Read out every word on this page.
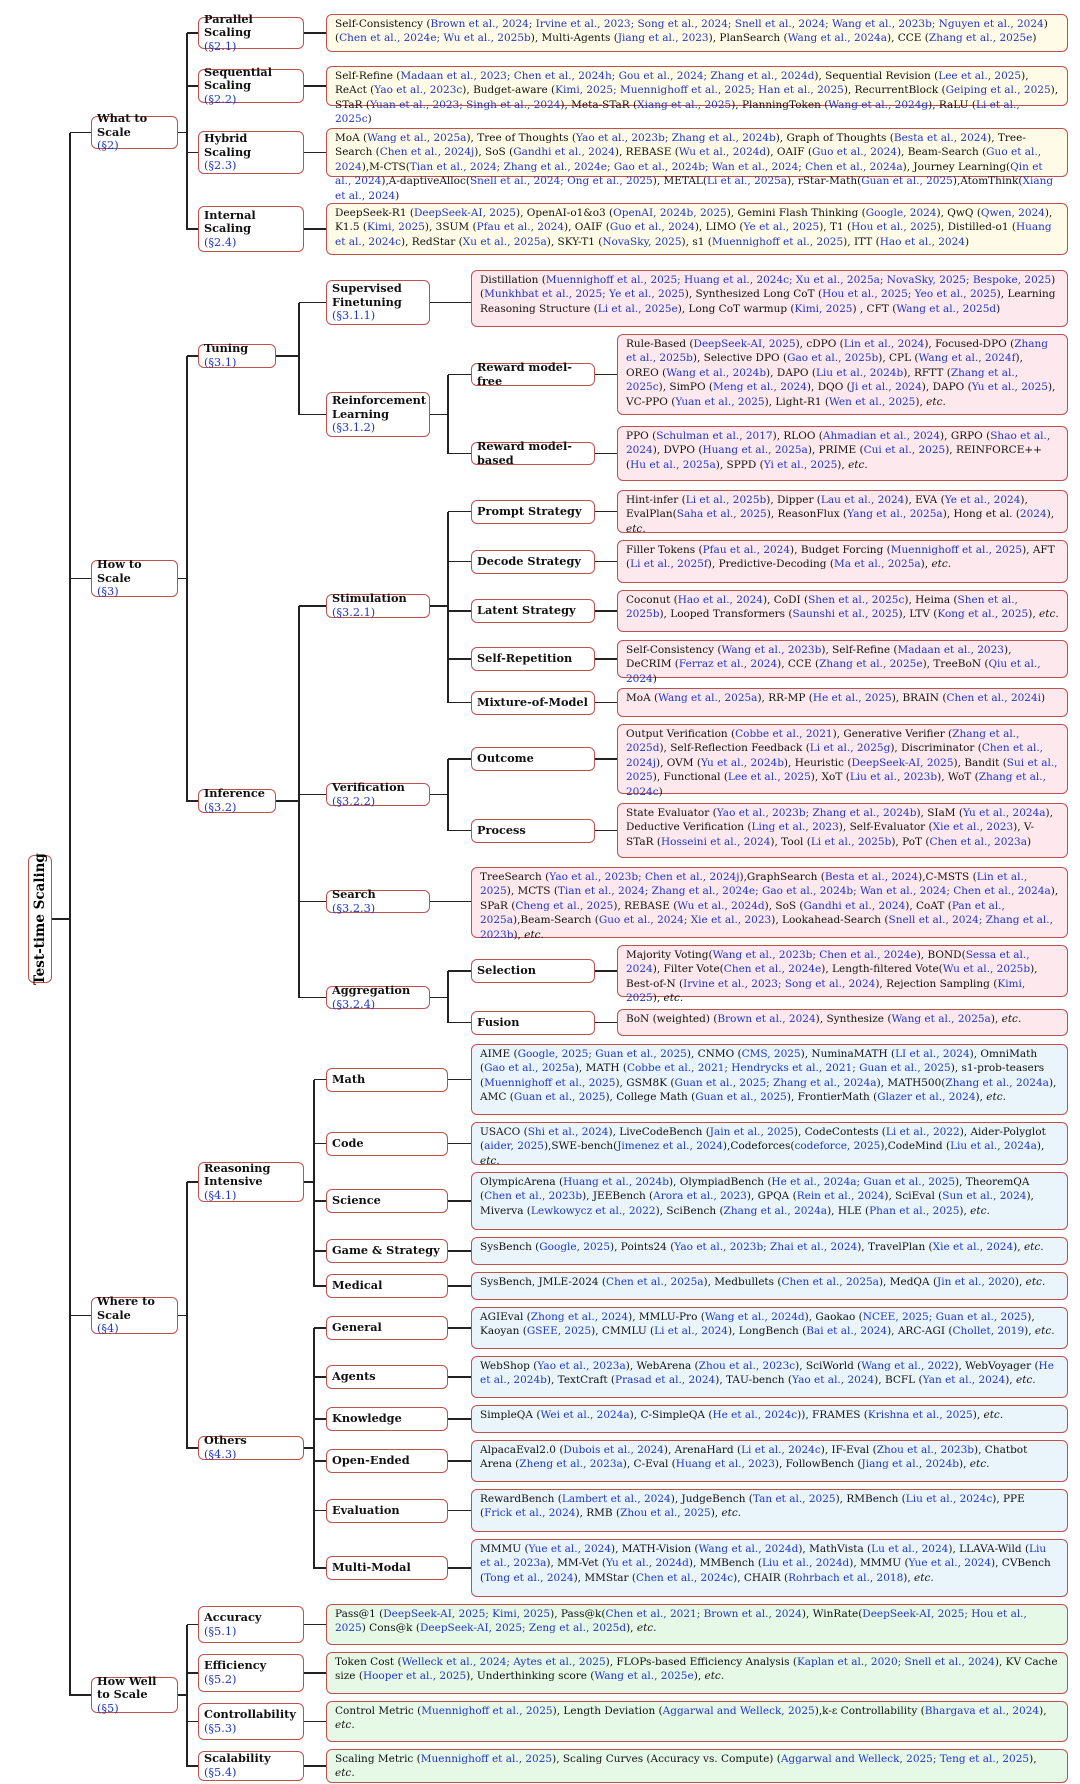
Test-time Scaling
What to Scale
(§2)
How to Scale
(§3)
Where to Scale
(§4)
How Well to Scale
(§5)
Parallel Scaling
(§2.1)
Self-Consistency (Brown et al., 2024; Irvine et al., 2023; Song et al., 2024; Snell et al., 2024; Wang et al., 2023b; Nguyen et al., 2024) (Chen et al., 2024e; Wu et al., 2025b), Multi-Agents (Jiang et al., 2023), PlanSearch (Wang et al., 2024a), CCE (Zhang et al., 2025e)
Sequential Scaling
(§2.2)
Self-Refine (Madaan et al., 2023; Chen et al., 2024h; Gou et al., 2024; Zhang et al., 2024d), Sequential Revision (Lee et al., 2025), ReAct (Yao et al., 2023c), Budget-aware (Kimi, 2025; Muennighoff et al., 2025; Han et al., 2025), RecurrentBlock (Geiping et al., 2025), STaR (Yuan et al., 2023; Singh et al., 2024), Meta-STaR (Xiang et al., 2025), PlanningToken (Wang et al., 2024g), RaLU (Li et al., 2025c)
Hybrid Scaling
(§2.3)
MoA (Wang et al., 2025a), Tree of Thoughts (Yao et al., 2023b; Zhang et al., 2024b), Graph of Thoughts (Besta et al., 2024), Tree-Search (Chen et al., 2024j), SoS (Gandhi et al., 2024), REBASE (Wu et al., 2024d), OAIF (Guo et al., 2024), Beam-Search (Guo et al., 2024),M-CTS(Tian et al., 2024; Zhang et al., 2024e; Gao et al., 2024b; Wan et al., 2024; Chen et al., 2024a), Journey Learning(Qin et al., 2024),A-daptiveAlloc(Snell et al., 2024; Ong et al., 2025), METAL(Li et al., 2025a), rStar-Math(Guan et al., 2025),AtomThink(Xiang et al., 2024)
Internal Scaling
(§2.4)
DeepSeek-R1 (DeepSeek-AI, 2025), OpenAI-o1&o3 (OpenAI, 2024b, 2025), Gemini Flash Thinking (Google, 2024), QwQ (Qwen, 2024), K1.5 (Kimi, 2025), 3SUM (Pfau et al., 2024), OAIF (Guo et al., 2024), LIMO (Ye et al., 2025), T1 (Hou et al., 2025), Distilled-o1 (Huang et al., 2024c), RedStar (Xu et al., 2025a), SKY-T1 (NovaSky, 2025), s1 (Muennighoff et al., 2025), ITT (Hao et al., 2024)
Tuning
(§3.1)
Inference
(§3.2)
Supervised Finetuning
(§3.1.1)
Distillation (Muennighoff et al., 2025; Huang et al., 2024c; Xu et al., 2025a; NovaSky, 2025; Bespoke, 2025) (Munkhbat et al., 2025; Ye et al., 2025), Synthesized Long CoT (Hou et al., 2025; Yeo et al., 2025), Learning Reasoning Structure (Li et al., 2025e), Long CoT warmup (Kimi, 2025) , CFT (Wang et al., 2025d)
Reinforcement Learning
(§3.1.2)
Reward model-free
Rule-Based (DeepSeek-AI, 2025), cDPO (Lin et al., 2024), Focused-DPO (Zhang et al., 2025b), Selective DPO (Gao et al., 2025b), CPL (Wang et al., 2024f), OREO (Wang et al., 2024b), DAPO (Liu et al., 2024b), RFTT (Zhang et al., 2025c), SimPO (Meng et al., 2024), DQO (Ji et al., 2024), DAPO (Yu et al., 2025), VC-PPO (Yuan et al., 2025), Light-R1 (Wen et al., 2025), etc.
Reward model-based
PPO (Schulman et al., 2017), RLOO (Ahmadian et al., 2024), GRPO (Shao et al., 2024), DVPO (Huang et al., 2025a), PRIME (Cui et al., 2025), REINFORCE++ (Hu et al., 2025a), SPPD (Yi et al., 2025), etc.
Stimulation
(§3.2.1)
Verification
(§3.2.2)
Search
(§3.2.3)
Aggregation
(§3.2.4)
TreeSearch (Yao et al., 2023b; Chen et al., 2024j),GraphSearch (Besta et al., 2024),C-MSTS (Lin et al., 2025), MCTS (Tian et al., 2024; Zhang et al., 2024e; Gao et al., 2024b; Wan et al., 2024; Chen et al., 2024a), SPaR (Cheng et al., 2025), REBASE (Wu et al., 2024d), SoS (Gandhi et al., 2024), CoAT (Pan et al., 2025a),Beam-Search (Guo et al., 2024; Xie et al., 2023), Lookahead-Search (Snell et al., 2024; Zhang et al., 2023b), etc.
Prompt Strategy
Hint-infer (Li et al., 2025b), Dipper (Lau et al., 2024), EVA (Ye et al., 2024), EvalPlan(Saha et al., 2025), ReasonFlux (Yang et al., 2025a), Hong et al. (2024), etc.
Decode Strategy
Filler Tokens (Pfau et al., 2024), Budget Forcing (Muennighoff et al., 2025), AFT (Li et al., 2025f), Predictive-Decoding (Ma et al., 2025a), etc.
Latent Strategy
Coconut (Hao et al., 2024), CoDI (Shen et al., 2025c), Heima (Shen et al., 2025b), Looped Transformers (Saunshi et al., 2025), LTV (Kong et al., 2025), etc.
Self-Repetition
Self-Consistency (Wang et al., 2023b), Self-Refine (Madaan et al., 2023), DeCRIM (Ferraz et al., 2024), CCE (Zhang et al., 2025e), TreeBoN (Qiu et al., 2024)
Mixture-of-Model	MoA (Wang et al., 2025a), RR-MP (He et al., 2025), BRAIN (Chen et al., 2024i)
Outcome
Output Verification (Cobbe et al., 2021), Generative Verifier (Zhang et al., 2025d), Self-Reflection Feedback (Li et al., 2025g), Discriminator (Chen et al., 2024j), OVM (Yu et al., 2024b), Heuristic (DeepSeek-AI, 2025), Bandit (Sui et al., 2025), Functional (Lee et al., 2025), XoT (Liu et al., 2023b), WoT (Zhang et al., 2024c)
Process
State Evaluator (Yao et al., 2023b; Zhang et al., 2024b), SIaM (Yu et al., 2024a), Deductive Verification (Ling et al., 2023), Self-Evaluator (Xie et al., 2023), V-STaR (Hosseini et al., 2024), Tool (Li et al., 2025b), PoT (Chen et al., 2023a)
Selection
Majority Voting(Wang et al., 2023b; Chen et al., 2024e), BOND(Sessa et al., 2024), Filter Vote(Chen et al., 2024e), Length-filtered Vote(Wu et al., 2025b), Best-of-N (Irvine et al., 2023; Song et al., 2024), Rejection Sampling (Kimi, 2025), etc.
Fusion	BoN (weighted) (Brown et al., 2024), Synthesize (Wang et al., 2025a), etc.
Reasoning Intensive
(§4.1)
Others
(§4.3)
Math
AIME (Google, 2025; Guan et al., 2025), CNMO (CMS, 2025), NuminaMATH (LI et al., 2024), OmniMath (Gao et al., 2025a), MATH (Cobbe et al., 2021; Hendrycks et al., 2021; Guan et al., 2025), s1-prob-teasers (Muennighoff et al., 2025), GSM8K (Guan et al., 2025; Zhang et al., 2024a), MATH500(Zhang et al., 2024a), AMC (Guan et al., 2025), College Math (Guan et al., 2025), FrontierMath (Glazer et al., 2024), etc.
Code
USACO (Shi et al., 2024), LiveCodeBench (Jain et al., 2025), CodeContests (Li et al., 2022), Aider-Polyglot (aider, 2025),SWE-bench(Jimenez et al., 2024),Codeforces(codeforce, 2025),CodeMind (Liu et al., 2024a), etc.
Science
OlympicArena (Huang et al., 2024b), OlympiadBench (He et al., 2024a; Guan et al., 2025), TheoremQA (Chen et al., 2023b), JEEBench (Arora et al., 2023), GPQA (Rein et al., 2024), SciEval (Sun et al., 2024), Miverva (Lewkowycz et al., 2022), SciBench (Zhang et al., 2024a), HLE (Phan et al., 2025), etc.
Game & Strategy	SysBench (Google, 2025), Points24 (Yao et al., 2023b; Zhai et al., 2024), TravelPlan (Xie et al., 2024), etc.
Medical	SysBench, JMLE-2024 (Chen et al., 2025a), Medbullets (Chen et al., 2025a), MedQA (Jin et al., 2020), etc.
General
AGIEval (Zhong et al., 2024), MMLU-Pro (Wang et al., 2024d), Gaokao (NCEE, 2025; Guan et al., 2025), Kaoyan (GSEE, 2025), CMMLU (Li et al., 2024), LongBench (Bai et al., 2024), ARC-AGI (Chollet, 2019), etc.
Agents
WebShop (Yao et al., 2023a), WebArena (Zhou et al., 2023c), SciWorld (Wang et al., 2022), WebVoyager (He et al., 2024b), TextCraft (Prasad et al., 2024), TAU-bench (Yao et al., 2024), BCFL (Yan et al., 2024), etc.
Knowledge	SimpleQA (Wei et al., 2024a), C-SimpleQA (He et al., 2024c)), FRAMES (Krishna et al., 2025), etc.
Open-Ended
AlpacaEval2.0 (Dubois et al., 2024), ArenaHard (Li et al., 2024c), IF-Eval (Zhou et al., 2023b), Chatbot Arena (Zheng et al., 2023a), C-Eval (Huang et al., 2023), FollowBench (Jiang et al., 2024b), etc.
Evaluation
RewardBench (Lambert et al., 2024), JudgeBench (Tan et al., 2025), RMBench (Liu et al., 2024c), PPE (Frick et al., 2024), RMB (Zhou et al., 2025), etc.
Multi-Modal
MMMU (Yue et al., 2024), MATH-Vision (Wang et al., 2024d), MathVista (Lu et al., 2024), LLAVA-Wild (Liu et al., 2023a), MM-Vet (Yu et al., 2024d), MMBench (Liu et al., 2024d), MMMU (Yue et al., 2024), CVBench (Tong et al., 2024), MMStar (Chen et al., 2024c), CHAIR (Rohrbach et al., 2018), etc.
Accuracy
(§5.1)
Pass@1 (DeepSeek-AI, 2025; Kimi, 2025), Pass@k(Chen et al., 2021; Brown et al., 2024), WinRate(DeepSeek-AI, 2025; Hou et al., 2025) Cons@k (DeepSeek-AI, 2025; Zeng et al., 2025d), etc.
Efficiency
(§5.2)
Token Cost (Welleck et al., 2024; Aytes et al., 2025), FLOPs-based Efficiency Analysis (Kaplan et al., 2020; Snell et al., 2024), KV Cache size (Hooper et al., 2025), Underthinking score (Wang et al., 2025e), etc.
Controllability
(§5.3)
Control Metric (Muennighoff et al., 2025), Length Deviation (Aggarwal and Welleck, 2025),k-ε Controllability (Bhargava et al., 2024), etc.
Scalability
(§5.4)
Scaling Metric (Muennighoff et al., 2025), Scaling Curves (Accuracy vs. Compute) (Aggarwal and Welleck, 2025; Teng et al., 2025), etc.
